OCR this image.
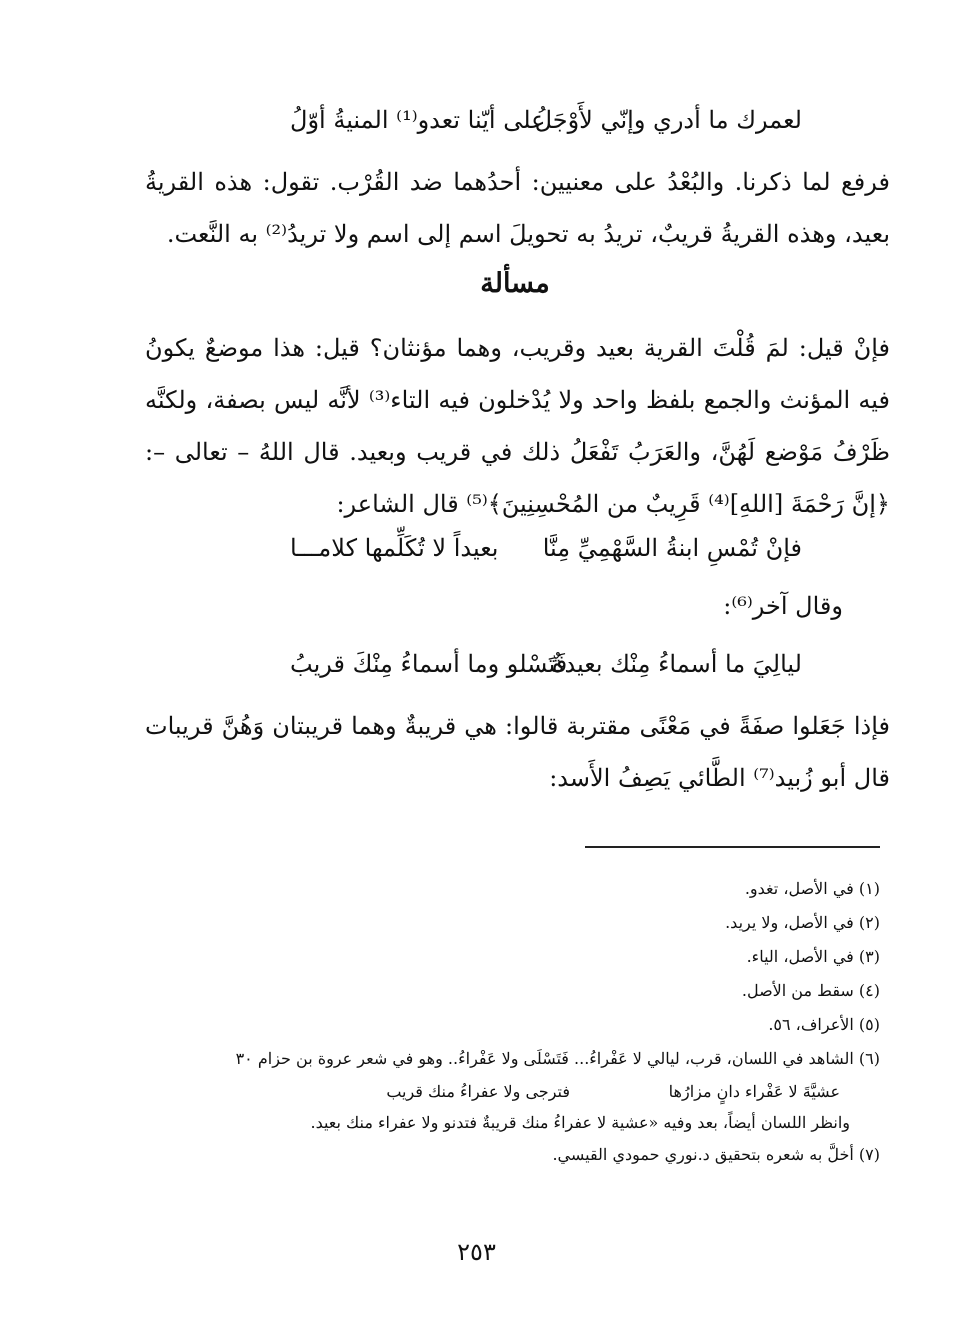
لعمرك ما أدري وإنّي لأَوْجَلُ
على أيّنا تعدو⁽¹⁾ المنيةُ أوّلُ
فرفع لما ذكرنا. والبُعْدُ على معنيين: أحدُهما ضد القُرْب. تقول: هذه القريةُ بعيد، وهذه القريةُ قريبٌ، تريدُ به تحويلَ اسم إلى اسم ولا تريدُ⁽²⁾ به النَّعت.
مسألة
فإنْ قيل: لمَ قُلْتَ القرية بعيد وقريب، وهما مؤنثان؟ قيل: هذا موضعٌ يكونُ فيه المؤنث والجمع بلفظ واحد ولا يُدْخلون فيه التاء⁽³⁾ لأنَّه ليس بصفة، ولكنَّه ظَرْفُ مَوْضع لَهُنَّ، والعَرَبُ تَفْعَلُ ذلك في قريب وبعيد. قال اللهُ – تعالى –: ﴿إنَّ رَحْمَةَ [اللهِ]⁽⁴⁾ قَرِيبٌ من المُحْسِنِينَ﴾⁽⁵⁾ قال الشاعر:
فإنْ تُمْسِ ابنةُ السَّهْمِيِّ مِنَّا
بعيداً لا تُكَلِّمها كلامـــا
وقال آخر⁽⁶⁾:
ليالِيَ ما أسماءُ مِنْك بعيدةٌ
فَتَسْلو وما أسماءُ مِنْكَ قريبُ
فإذا جَعَلوا صفَةً في مَعْنًى مقتربة قالوا: هي قريبةٌ وهما قريبتان وَهُنَّ قريبات قال أبو زُبيد⁽⁷⁾ الطَّائي يَصِفُ الأَسد:
(١) في الأصل، تغدو.
(٢) في الأصل، ولا يريد.
(٣) في الأصل، الياء.
(٤) سقط من الأصل.
(٥) الأعراف، ٥٦.
(٦) الشاهد في اللسان، قرب، ليالي لا عَفْراءُ... فَتَسْلَى ولا عَفْراءُ.. وهو في شعر عروة بن حزام ٣٠
عشيَّةَ لا عَفْراء دانٍ مزارُها
فترجى ولا عفراءُ منك قريب
وانظر اللسان أيضاً، بعد وفيه «عشية لا عفراءُ منك قريبةٌ فتدنو ولا عفراء منك بعيد.
(٧) أخلَّ به شعره بتحقيق د.نوري حمودي القيسي.
٢٥٣
